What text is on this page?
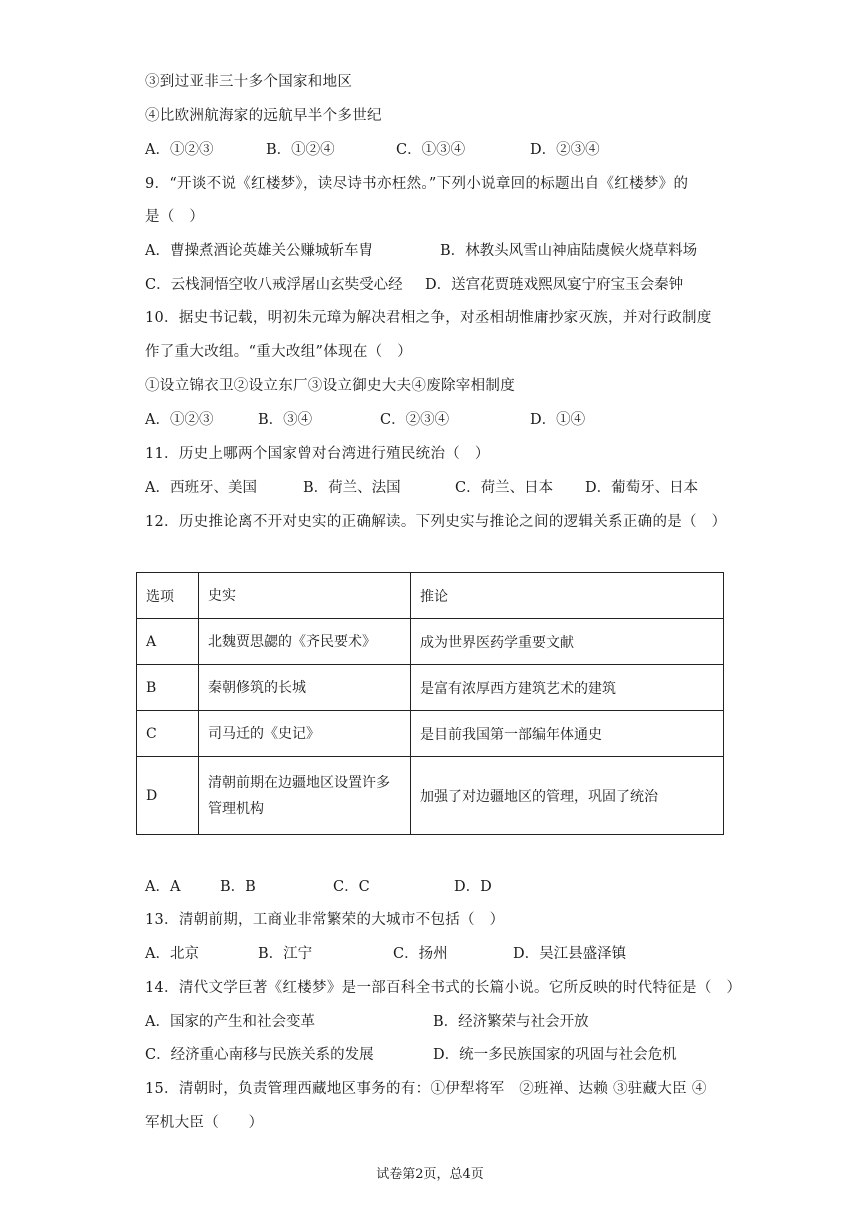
③到过亚非三十多个国家和地区
④比欧洲航海家的远航早半个多世纪
A．①②③	B．①②④	C．①③④	D．②③④
9．“开谈不说《红楼梦》，读尽诗书亦枉然。”下列小说章回的标题出自《红楼梦》的
是（　）
A．曹操煮酒论英雄关公赚城斩车胄	B．林教头风雪山神庙陆虞候火烧草料场
C．云栈洞悟空收八戒浮屠山玄奘受心经 D．送宫花贾琏戏熙凤宴宁府宝玉会秦钟
10．据史书记载，明初朱元璋为解决君相之争，对丞相胡惟庸抄家灭族，并对行政制度
作了重大改组。“重大改组”体现在（　）
①设立锦衣卫②设立东厂③设立御史大夫④废除宰相制度
A．①②③	B．③④	C．②③④	D．①④
11．历史上哪两个国家曾对台湾进行殖民统治（　）
A．西班牙、美国	B．荷兰、法国	C．荷兰、日本 D．葡萄牙、日本
12．历史推论离不开对史实的正确解读。下列史实与推论之间的逻辑关系正确的是（　）
选项	史实	推论
A	北魏贾思勰的《齐民要术》	成为世界医药学重要文献
B	秦朝修筑的长城	是富有浓厚西方建筑艺术的建筑
C	司马迁的《史记》	是目前我国第一部编年体通史
D	清朝前期在边疆地区设置许多管理机构	加强了对边疆地区的管理，巩固了统治
A．A	B．B	C．C	D．D
13．清朝前期，工商业非常繁荣的大城市不包括（　）
A．北京	B．江宁	C．扬州	D．吴江县盛泽镇
14．清代文学巨著《红楼梦》是一部百科全书式的长篇小说。它所反映的时代特征是（　）
A．国家的产生和社会变革	B．经济繁荣与社会开放
C．经济重心南移与民族关系的发展	D．统一多民族国家的巩固与社会危机
15．清朝时，负责管理西藏地区事务的有：①伊犁将军　②班禅、达赖 ③驻藏大臣 ④
军机大臣（　　）
试卷第2页，总4页
